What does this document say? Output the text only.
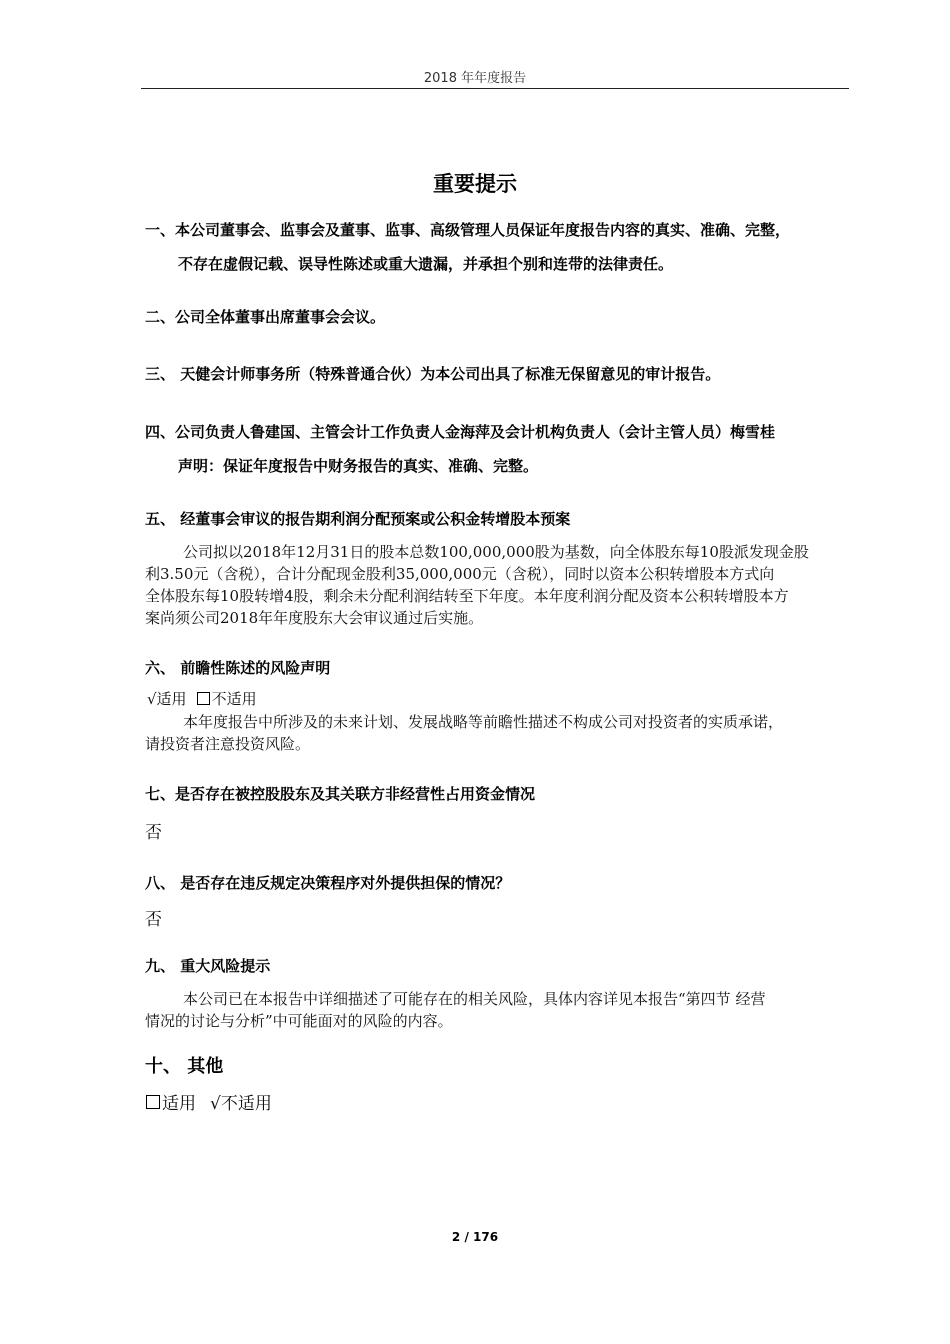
2018 年年度报告
重要提示
一、本公司董事会、监事会及董事、监事、高级管理人员保证年度报告内容的真实、准确、完整，
不存在虚假记载、误导性陈述或重大遗漏，并承担个别和连带的法律责任。
二、公司全体董事出席董事会会议。
三、 天健会计师事务所（特殊普通合伙）为本公司出具了标准无保留意见的审计报告。
四、公司负责人鲁建国、主管会计工作负责人金海萍及会计机构负责人（会计主管人员）梅雪桂
声明：保证年度报告中财务报告的真实、准确、完整。
五、 经董事会审议的报告期利润分配预案或公积金转增股本预案
公司拟以2018年12月31日的股本总数100,000,000股为基数，向全体股东每10股派发现金股
利3.50元（含税），合计分配现金股利35,000,000元（含税），同时以资本公积转增股本方式向
全体股东每10股转增4股，剩余未分配利润结转至下年度。本年度利润分配及资本公积转增股本方
案尚须公司2018年年度股东大会审议通过后实施。
六、 前瞻性陈述的风险声明
√适用 不适用
本年度报告中所涉及的未来计划、发展战略等前瞻性描述不构成公司对投资者的实质承诺，
请投资者注意投资风险。
七、是否存在被控股股东及其关联方非经营性占用资金情况
否
八、 是否存在违反规定决策程序对外提供担保的情况？
否
九、 重大风险提示
本公司已在本报告中详细描述了可能存在的相关风险，具体内容详见本报告“第四节 经营
情况的讨论与分析”中可能面对的风险的内容。
十、 其他
适用 √不适用
2 / 176
